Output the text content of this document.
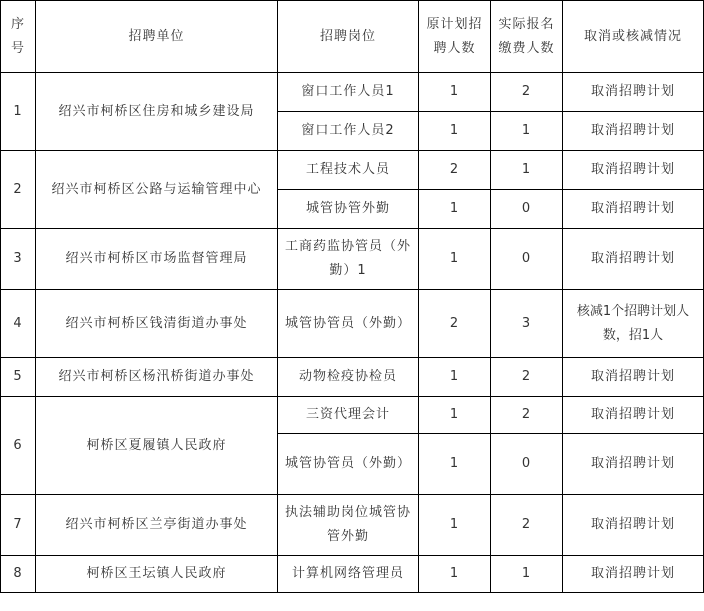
序号	招聘单位	招聘岗位	原计划招聘人数	实际报名缴费人数	取消或核减情况
1	绍兴市柯桥区住房和城乡建设局	窗口工作人员1	1	2	取消招聘计划
		窗口工作人员2	1	1	取消招聘计划
2	绍兴市柯桥区公路与运输管理中心	工程技术人员	2	1	取消招聘计划
		城管协管外勤	1	0	取消招聘计划
3	绍兴市柯桥区市场监督管理局	工商药监协管员（外勤）1	1	0	取消招聘计划
4	绍兴市柯桥区钱清街道办事处	城管协管员（外勤）	2	3	核减1个招聘计划人数，招1人
5	绍兴市柯桥区杨汛桥街道办事处	动物检疫协检员	1	2	取消招聘计划
6	柯桥区夏履镇人民政府	三资代理会计	1	2	取消招聘计划
		城管协管员（外勤）	1	0	取消招聘计划
7	绍兴市柯桥区兰亭街道办事处	执法辅助岗位城管协管外勤	1	2	取消招聘计划
8	柯桥区王坛镇人民政府	计算机网络管理员	1	1	取消招聘计划
